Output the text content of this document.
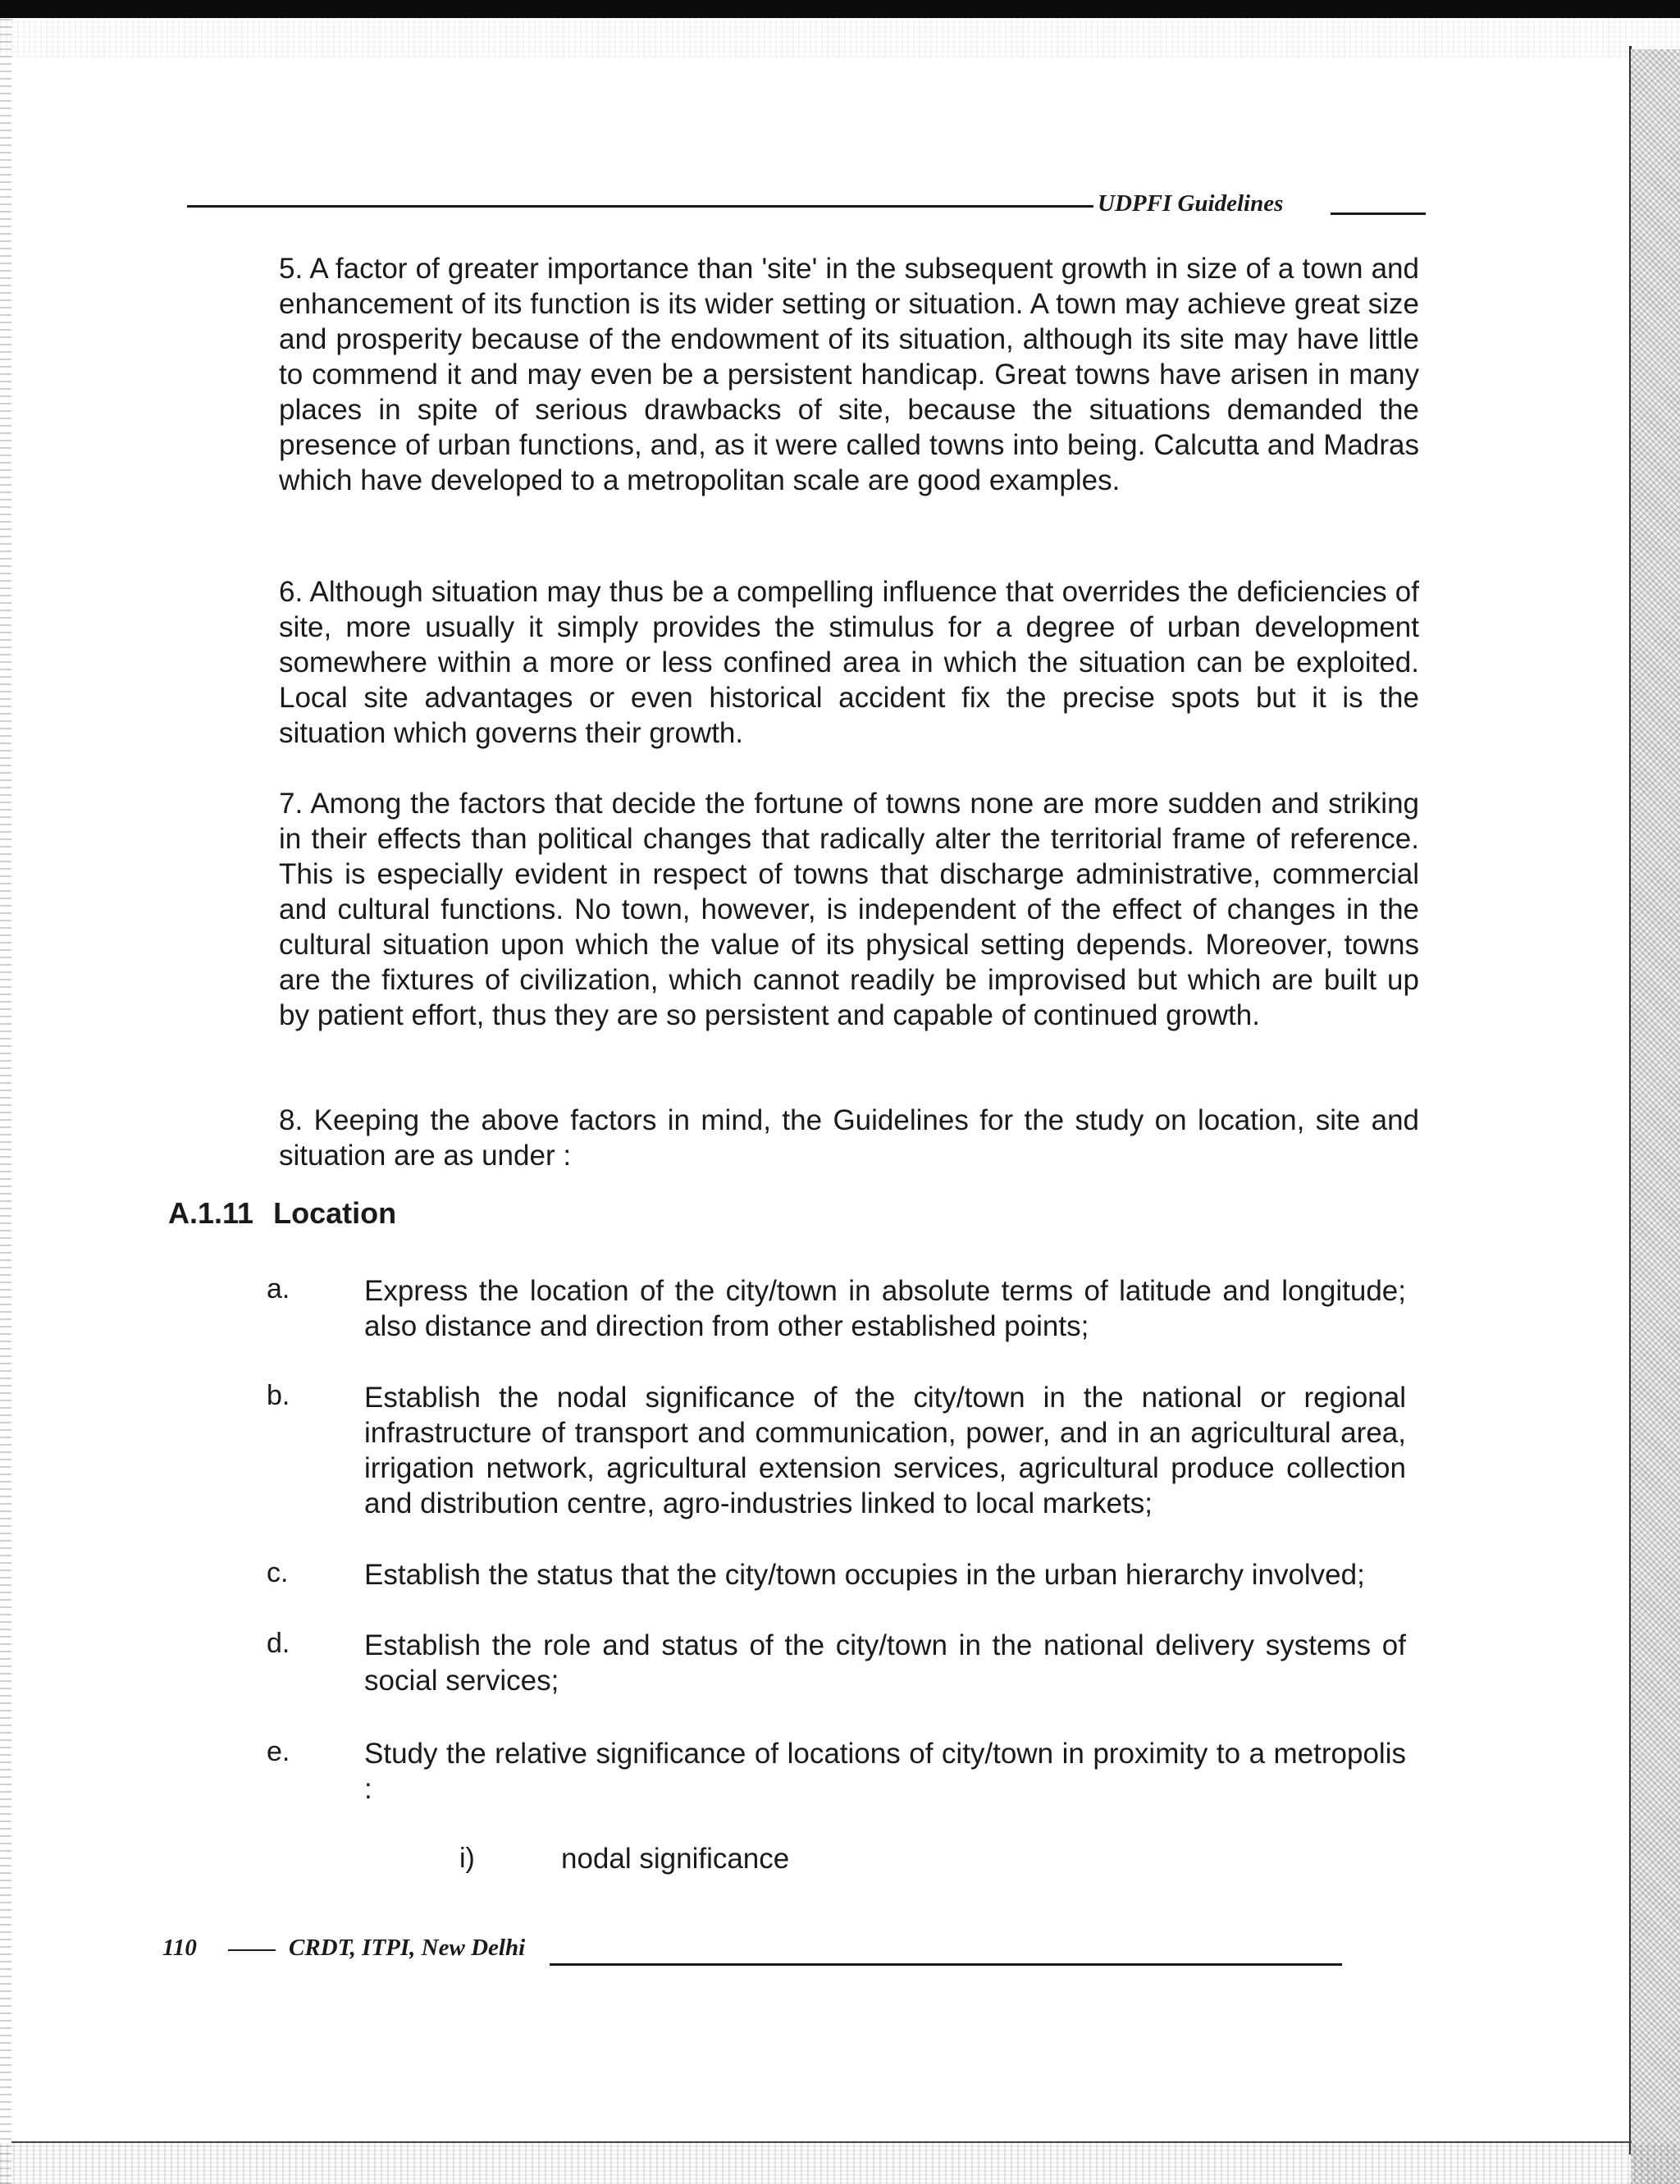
UDPFI Guidelines
5. A factor of greater importance than 'site' in the subsequent growth in size of a town and enhancement of its function is its wider setting or situation. A town may achieve great size and prosperity because of the endowment of its situation, although its site may have little to commend it and may even be a persistent handicap. Great towns have arisen in many places in spite of serious drawbacks of site, because the situations demanded the presence of urban functions, and, as it were called towns into being. Calcutta and Madras which have developed to a metropolitan scale are good examples.
6. Although situation may thus be a compelling influence that overrides the deficiencies of site, more usually it simply provides the stimulus for a degree of urban development somewhere within a more or less confined area in which the situation can be exploited. Local site advantages or even historical accident fix the precise spots but it is the situation which governs their growth.
7. Among the factors that decide the fortune of towns none are more sudden and striking in their effects than political changes that radically alter the territorial frame of reference. This is especially evident in respect of towns that discharge administrative, commercial and cultural functions. No town, however, is independent of the effect of changes in the cultural situation upon which the value of its physical setting depends. Moreover, towns are the fixtures of civilization, which cannot readily be improvised but which are built up by patient effort, thus they are so persistent and capable of continued growth.
8. Keeping the above factors in mind, the Guidelines for the study on location, site and situation are as under :
A.1.11 Location
a.	Express the location of the city/town in absolute terms of latitude and longitude; also distance and direction from other established points;
b.	Establish the nodal significance of the city/town in the national or regional infrastructure of transport and communication, power, and in an agricultural area, irrigation network, agricultural extension services, agricultural produce collection and distribution centre, agro-industries linked to local markets;
c.	Establish the status that the city/town occupies in the urban hierarchy involved;
d.	Establish the role and status of the city/town in the national delivery systems of social services;
e.	Study the relative significance of locations of city/town in proximity to a metropolis :
i)	nodal significance
110	CRDT, ITPI, New Delhi
